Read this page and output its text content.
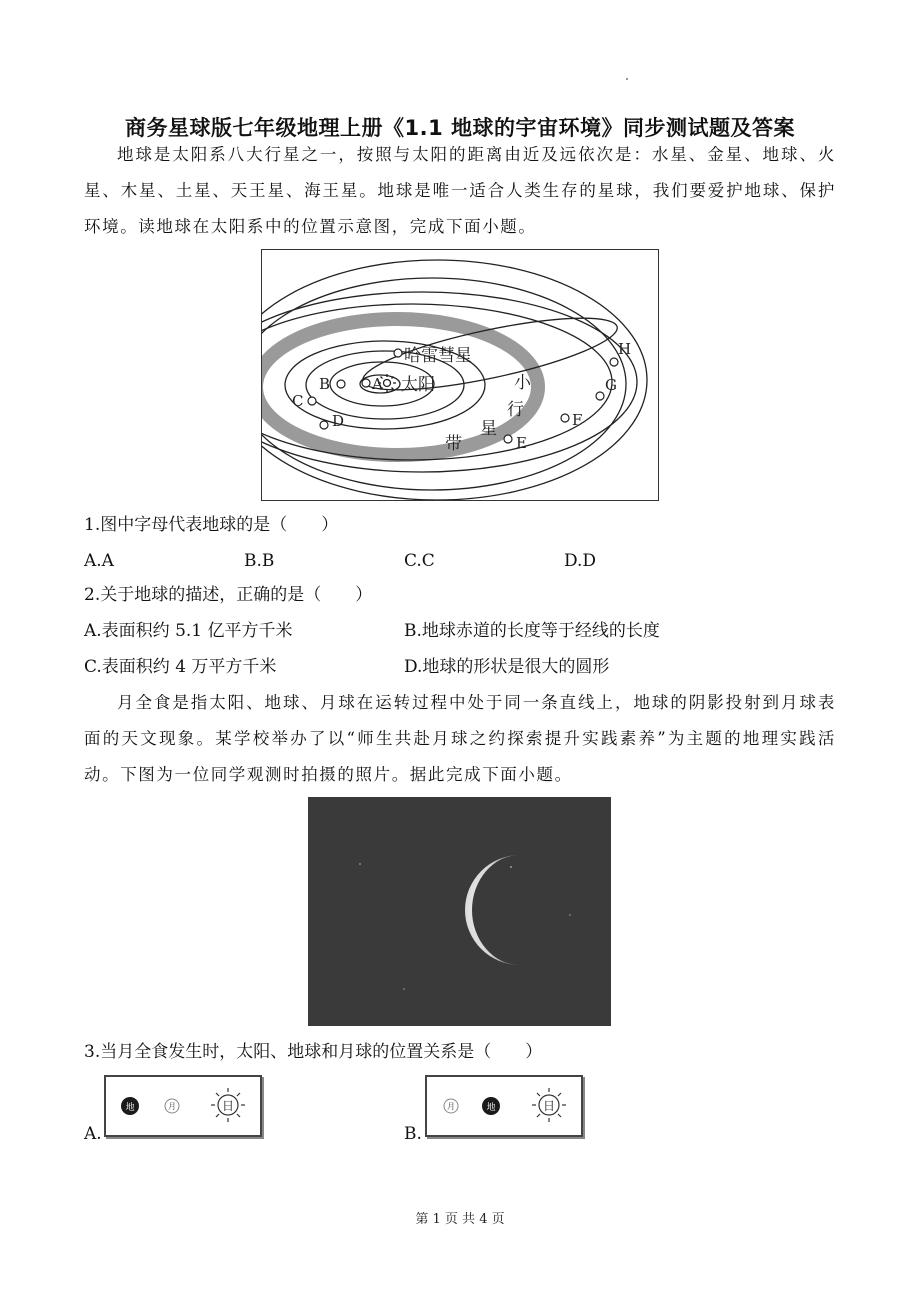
商务星球版七年级地理上册《1.1 地球的宇宙环境》同步测试题及答案
地球是太阳系八大行星之一，按照与太阳的距离由近及远依次是：水星、金星、地球、火星、木星、土星、天王星、海王星。地球是唯一适合人类生存的星球，我们要爱护地球、保护环境。读地球在太阳系中的位置示意图，完成下面小题。
哈雷彗星
太阳	小
行
星
带
A
B
C
D
E
F
G
H
1.图中字母代表地球的是（　　）
A.A	B.B	C.C	D.D
2.关于地球的描述，正确的是（　　）
A.表面积约 5.1 亿平方千米	B.地球赤道的长度等于经线的长度
C.表面积约 4 万平方千米	D.地球的形状是很大的圆形
月全食是指太阳、地球、月球在运转过程中处于同一条直线上，地球的阴影投射到月球表面的天文现象。某学校举办了以“师生共赴月球之约探索提升实践素养”为主题的地理实践活动。下图为一位同学观测时拍摄的照片。据此完成下面小题。
3.当月全食发生时，太阳、地球和月球的位置关系是（　　）
A.
地	月	日
B.
月	地	日
第 1 页 共 4 页
